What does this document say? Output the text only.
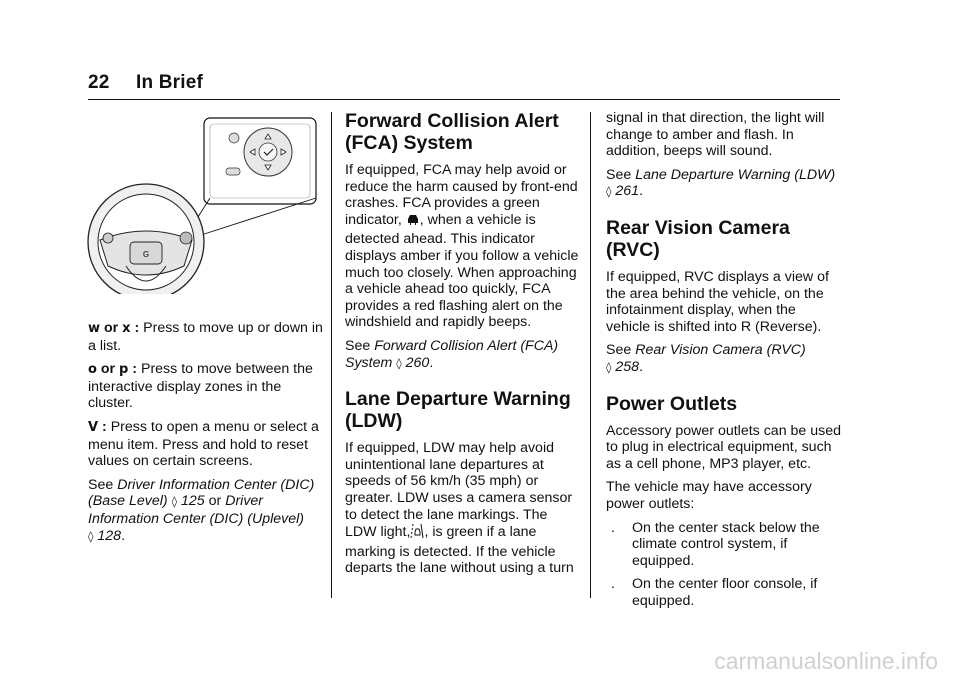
22 In Brief
G

w or x : Press to move up or down in a list.

o or p : Press to move between the interactive display zones in the cluster.

V : Press to open a menu or select a menu item. Press and hold to reset values on certain screens.

See Driver Information Center (DIC) (Base Level) ◊ 125 or Driver Information Center (DIC) (Uplevel)
◊ 128.

Forward Collision Alert (FCA) System

If equipped, FCA may help avoid or reduce the harm caused by front-end crashes. FCA provides a green indicator, , when a vehicle is detected ahead. This indicator displays amber if you follow a vehicle much too closely. When approaching a vehicle ahead too quickly, FCA provides a red flashing alert on the windshield and rapidly beeps.

See Forward Collision Alert (FCA) System ◊ 260.

Lane Departure Warning (LDW)

If equipped, LDW may help avoid unintentional lane departures at speeds of 56 km/h (35 mph) or greater. LDW uses a camera sensor to detect the lane markings. The LDW light, , is green if a lane marking is detected. If the vehicle departs the lane without using a turn

signal in that direction, the light will change to amber and flash. In addition, beeps will sound.

See Lane Departure Warning (LDW)
◊ 261.

Rear Vision Camera (RVC)

If equipped, RVC displays a view of the area behind the vehicle, on the infotainment display, when the vehicle is shifted into R (Reverse).

See Rear Vision Camera (RVC)
◊ 258.

Power Outlets

Accessory power outlets can be used to plug in electrical equipment, such as a cell phone, MP3 player, etc.

The vehicle may have accessory power outlets:

. On the center stack below the climate control system, if equipped.
. On the center floor console, if equipped.
carmanualsonline.info
